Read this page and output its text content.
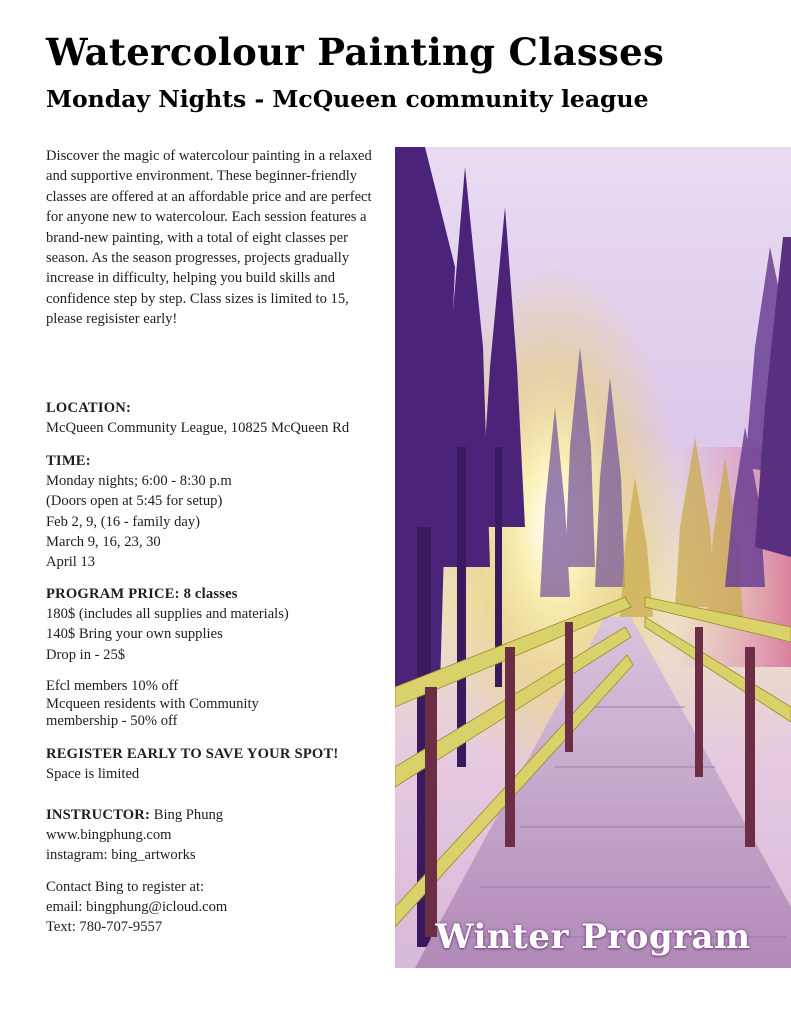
Watercolour Painting Classes
Monday Nights - McQueen community league

Discover the magic of watercolour painting in a relaxed and supportive environment. These beginner-friendly classes are offered at an affordable price and are perfect for anyone new to watercolour. Each session features a brand-new painting, with a total of eight classes per season. As the season progresses, projects gradually increase in difficulty, helping you build skills and confidence step by step. Class sizes is limited to 15, please regisister early!

LOCATION:
McQueen Community League, 10825 McQueen Rd
TIME:
Monday nights; 6:00 - 8:30 p.m
(Doors open at 5:45 for setup)
Feb 2, 9, (16 - family day)
March 9, 16, 23, 30
April 13
PROGRAM PRICE: 8 classes
180$ (includes all supplies and materials)
140$ Bring your own supplies
Drop in - 25$
Efcl members 10% off
Mcqueen residents with Community
membership - 50% off
REGISTER EARLY TO SAVE YOUR SPOT!
Space is limited
INSTRUCTOR: Bing Phung
www.bingphung.com
instagram: bing_artworks
Contact Bing to register at:
email: bingphung@icloud.com
Text: 780-707-9557	Winter Program
